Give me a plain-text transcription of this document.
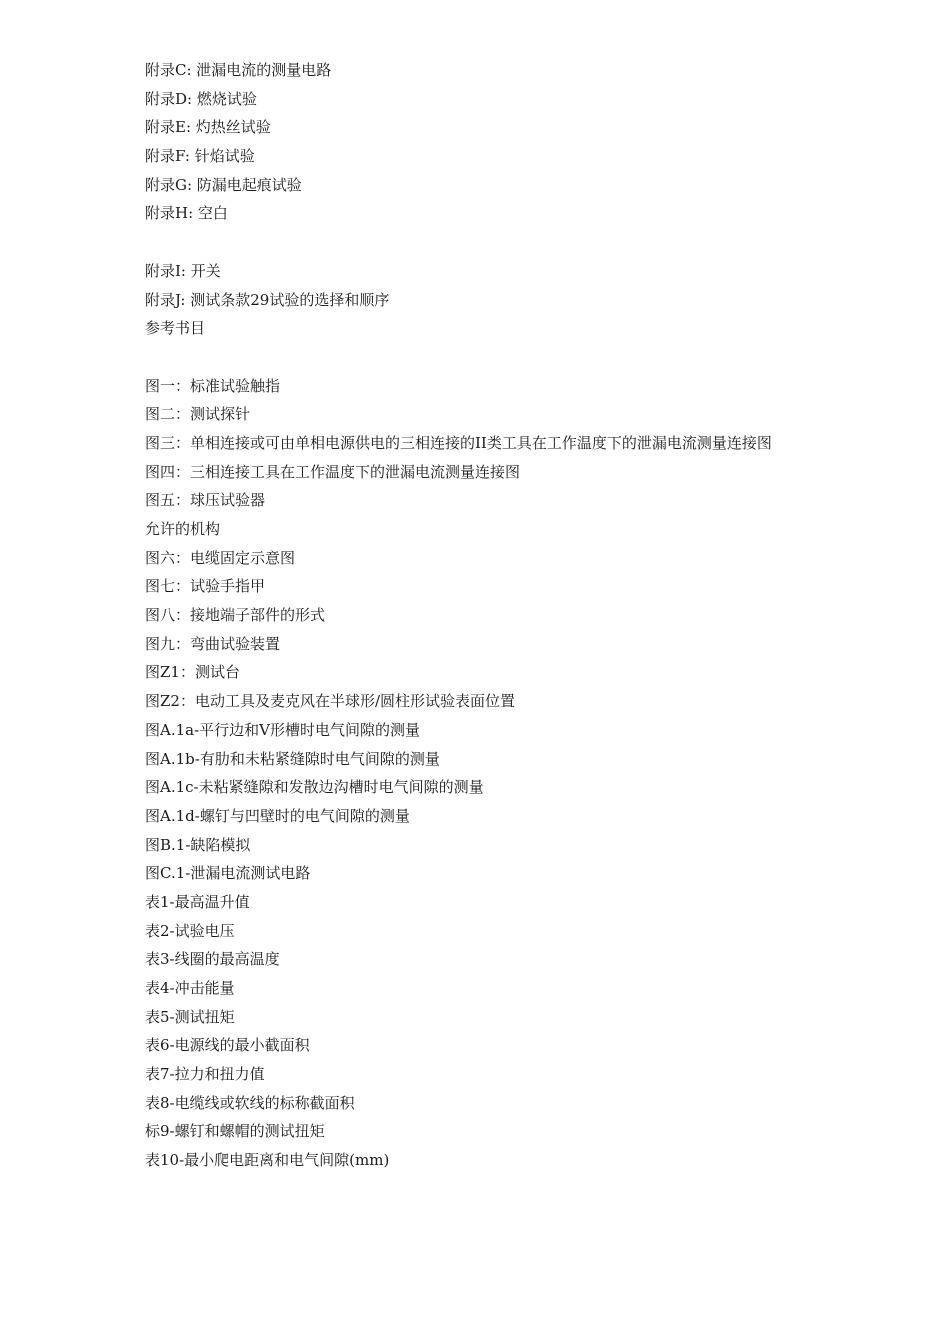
附录C: 泄漏电流的测量电路
附录D: 燃烧试验
附录E: 灼热丝试验
附录F: 针焰试验
附录G: 防漏电起痕试验
附录H: 空白
附录Ⅰ: 开关
附录J: 测试条款29试验的选择和顺序
参考书目
图一：标准试验触指
图二：测试探针
图三：单相连接或可由单相电源供电的三相连接的II类工具在工作温度下的泄漏电流测量连接图
图四：三相连接工具在工作温度下的泄漏电流测量连接图
图五：球压试验器
允许的机构
图六：电缆固定示意图
图七：试验手指甲
图八：接地端子部件的形式
图九：弯曲试验装置
图Z1：测试台
图Z2：电动工具及麦克风在半球形/圆柱形试验表面位置
图A.1a-平行边和V形槽时电气间隙的测量
图A.1b-有肋和未粘紧缝隙时电气间隙的测量
图A.1c-未粘紧缝隙和发散边沟槽时电气间隙的测量
图A.1d-螺钉与凹壁时的电气间隙的测量
图B.1-缺陷模拟
图C.1-泄漏电流测试电路
表1-最高温升值
表2-试验电压
表3-线圈的最高温度
表4-冲击能量
表5-测试扭矩
表6-电源线的最小截面积
表7-拉力和扭力值
表8-电缆线或软线的标称截面积
标9-螺钉和螺帽的测试扭矩
表10-最小爬电距离和电气间隙(mm)
